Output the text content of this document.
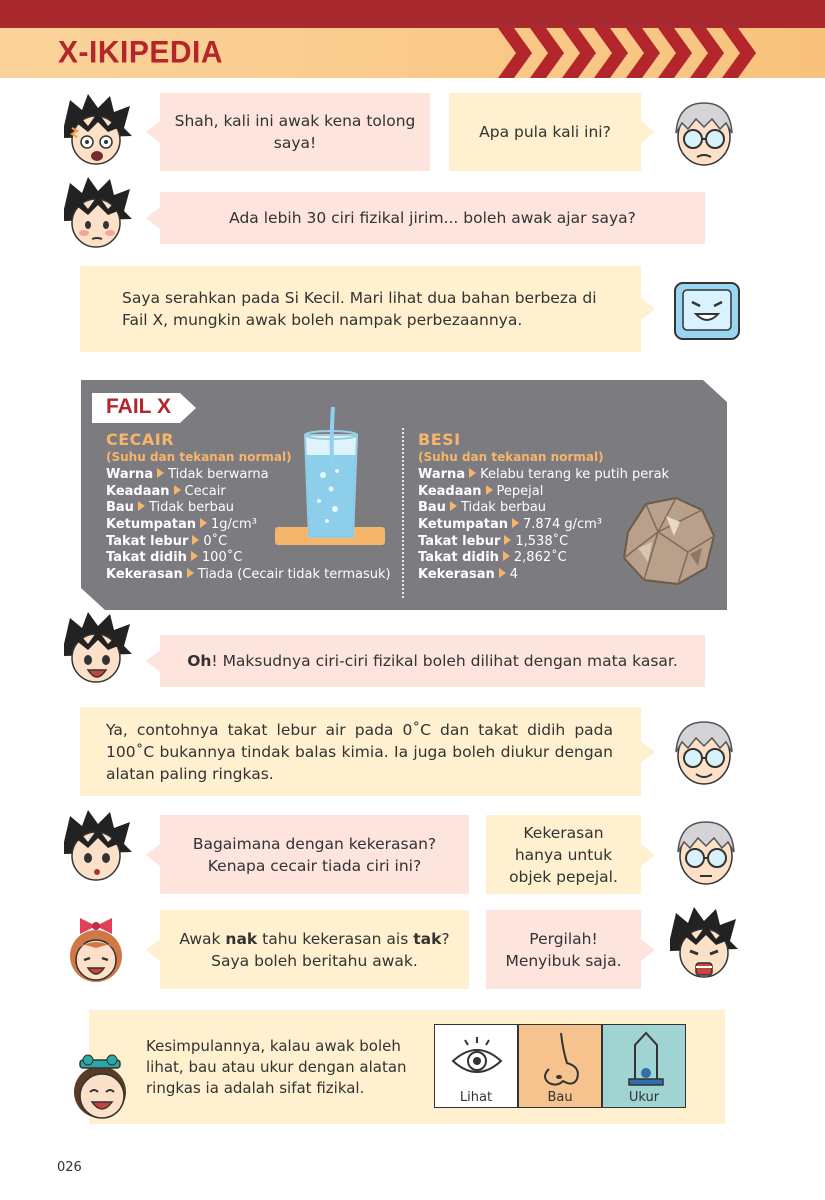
X-IKIPEDIA

Shah, kali ini awak kena tolong saya!

Apa pula kali ini?

Ada lebih 30 ciri fizikal jirim... boleh awak ajar saya?

Saya serahkan pada Si Kecil. Mari lihat dua bahan berbeza di Fail X, mungkin awak boleh nampak perbezaannya.

FAIL X
CECAIR
(Suhu dan tekanan normal)
Warna Tidak berwarna
Keadaan Cecair
Bau Tidak berbau
Ketumpatan 1g/cm³
Takat lebur 0˚C
Takat didih 100˚C
Kekerasan Tiada (Cecair tidak termasuk)
BESI
(Suhu dan tekanan normal)
Warna Kelabu terang ke putih perak
Keadaan Pepejal
Bau Tidak berbau
Ketumpatan 7.874 g/cm³
Takat lebur 1,538˚C
Takat didih 2,862˚C
Kekerasan 4

Oh! Maksudnya ciri-ciri fizikal boleh dilihat dengan mata kasar.

Ya, contohnya takat lebur air pada 0˚C dan takat didih pada 100˚C bukannya tindak balas kimia. Ia juga boleh diukur dengan alatan paling ringkas.

Bagaimana dengan kekerasan? Kenapa cecair tiada ciri ini?

Kekerasan hanya untuk objek pepejal.

Awak nak tahu kekerasan ais tak? Saya boleh beritahu awak.

Pergilah! Menyibuk saja.

Kesimpulannya, kalau awak boleh lihat, bau atau ukur dengan alatan ringkas ia adalah sifat fizikal.
Lihat	Bau	Ukur
026
